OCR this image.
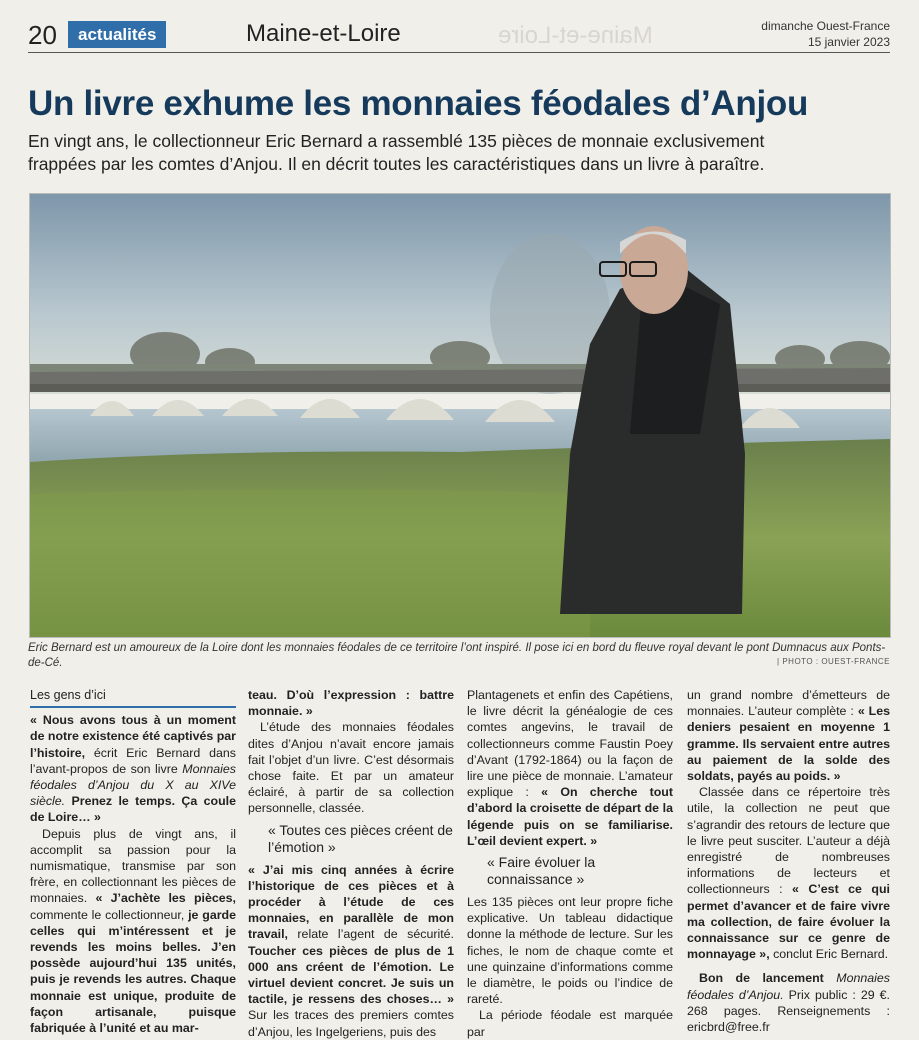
20	actualités	Maine-et-Loire	Maine-et-Loire	dimanche Ouest-France
15 janvier 2023
Un livre exhume les monnaies féodales d’Anjou
En vingt ans, le collectionneur Eric Bernard a rassemblé 135 pièces de monnaie exclusivement
frappées par les comtes d’Anjou. Il en décrit toutes les caractéristiques dans un livre à paraître.
Eric Bernard est un amoureux de la Loire dont les monnaies féodales de ce territoire l’ont inspiré. Il pose ici en bord du fleuve royal devant le pont Dumnacus aux Ponts-de-Cé.	| PHOTO : OUEST-FRANCE
Les gens d’ici

« Nous avons tous à un moment de notre existence été captivés par l’histoire, écrit Eric Bernard dans l’avant-propos de son livre Monnaies féodales d’Anjou du X au XIVe siècle. Prenez le temps. Ça coule de Loire… »

Depuis plus de vingt ans, il accomplit sa passion pour la numismatique, transmise par son frère, en collectionnant les pièces de monnaies. « J’achète les pièces, commente le collectionneur, je garde celles qui m’intéressent et je revends les moins belles. J’en possède aujourd’hui 135 unités, puis je revends les autres. Chaque monnaie est unique, produite de façon artisanale, puisque fabriquée à l’unité et au mar-

teau. D’où l’expression : battre monnaie. »

L’étude des monnaies féodales dites d’Anjou n’avait encore jamais fait l’objet d’un livre. C’est désormais chose faite. Et par un amateur éclairé, à partir de sa collection personnelle, classée.

« Toutes ces pièces créent de l’émotion »

« J’ai mis cinq années à écrire l’historique de ces pièces et à procéder à l’étude de ces monnaies, en parallèle de mon travail, relate l’agent de sécurité. Toucher ces pièces de plus de 1 000 ans créent de l’émotion. Le virtuel devient concret. Je suis un tactile, je ressens des choses… » Sur les traces des premiers comtes d’Anjou, les Ingelgeriens, puis des

Plantagenets et enfin des Capétiens, le livre décrit la généalogie de ces comtes angevins, le travail de collectionneurs comme Faustin Poey d’Avant (1792-1864) ou la façon de lire une pièce de monnaie. L’amateur explique : « On cherche tout d’abord la croisette de départ de la légende puis on se familiarise. L’œil devient expert. »

« Faire évoluer la connaissance »

Les 135 pièces ont leur propre fiche explicative. Un tableau didactique donne la méthode de lecture. Sur les fiches, le nom de chaque comte et une quinzaine d’informations comme le diamètre, le poids ou l’indice de rareté.

La période féodale est marquée par

un grand nombre d’émetteurs de monnaies. L’auteur complète : « Les deniers pesaient en moyenne 1 gramme. Ils servaient entre autres au paiement de la solde des soldats, payés au poids. »

Classée dans ce répertoire très utile, la collection ne peut que s’agrandir des retours de lecture que le livre peut susciter. L’auteur a déjà enregistré de nombreuses informations de lecteurs et collectionneurs : « C’est ce qui permet d’avancer et de faire vivre ma collection, de faire évoluer la connaissance sur ce genre de monnayage », conclut Eric Bernard.

Bon de lancement Monnaies féodales d’Anjou. Prix public : 29 €. 268 pages. Renseignements : ericbrd@free.fr
